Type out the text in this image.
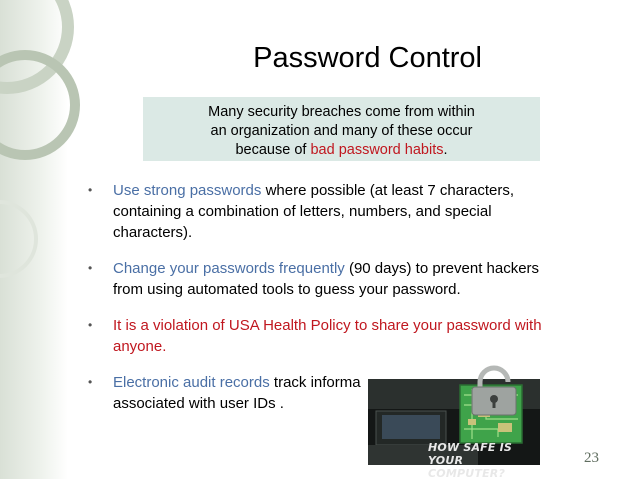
Password Control
Many security breaches come from within
an organization and many of these occur
because of bad password habits.
• Use strong passwords where possible (at least 7 characters,
containing a combination of letters, numbers, and special
characters).
• Change your passwords frequently (90 days) to prevent hackers
from using automated tools to guess your password.
• It is a violation of USA Health Policy to share your password with
anyone.
• Electronic audit records track informa
associated with user IDs .
HOW SAFE IS YOUR COMPUTER?
23
